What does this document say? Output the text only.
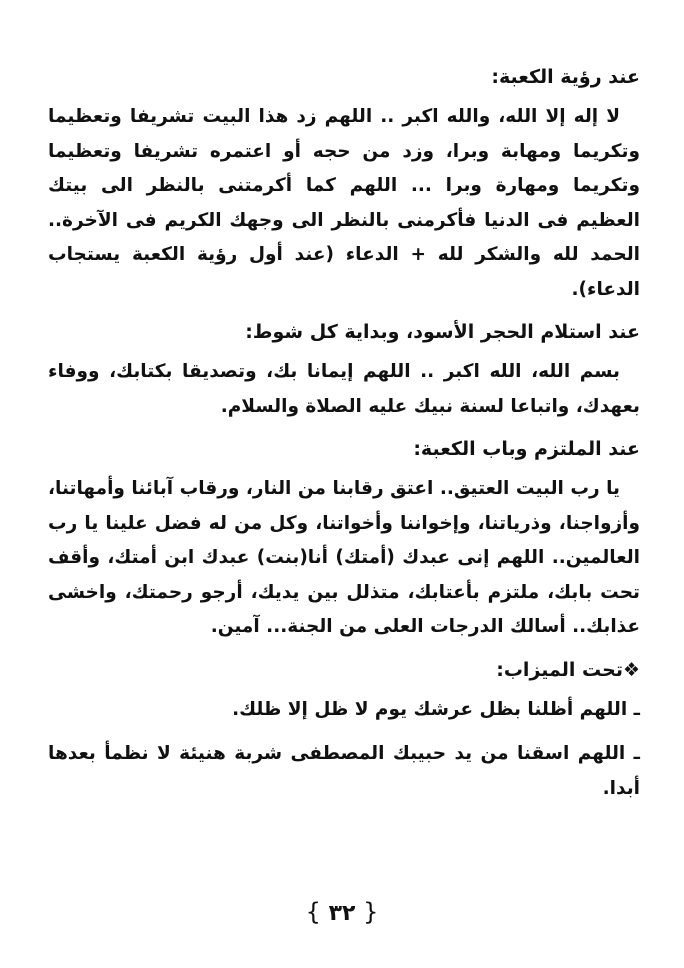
عند رؤية الكعبة:

لا إله إلا الله، والله اكبر .. اللهم زد هذا البيت تشريفا وتعظيما وتكريما ومهابة وبرا، وزد من حجه أو اعتمره تشريفا وتعظيما وتكريما ومهارة وبرا ... اللهم كما أكرمتنى بالنظر الى بيتك العظيم فى الدنيا فأكرمنى بالنظر الى وجهك الكريم فى الآخرة.. الحمد لله والشكر لله + الدعاء (عند أول رؤية الكعبة يستجاب الدعاء).

عند استلام الحجر الأسود، وبداية كل شوط:

بسم الله، الله اكبر .. اللهم إيمانا بك، وتصديقا بكتابك، ووفاء بعهدك، واتباعا لسنة نبيك عليه الصلاة والسلام.

عند الملتزم وباب الكعبة:

يا رب البيت العتيق.. اعتق رقابنا من النار، ورقاب آبائنا وأمهاتنا، وأزواجنا، وذرياتنا، وإخواننا وأخواتنا، وكل من له فضل علينا يا رب العالمين.. اللهم إنى عبدك (أمتك) أنا(بنت) عبدك ابن أمتك، وأقف تحت بابك، ملتزم بأعتابك، متذلل بين يديك، أرجو رحمتك، واخشى عذابك.. أسالك الدرجات العلى من الجنة... آمين.

❖تحت الميزاب:

ـ اللهم أظلنا بظل عرشك يوم لا ظل إلا ظلك.

ـ اللهم اسقنا من يد حبيبك المصطفى شربة هنيئة لا نظمأ بعدها أبدا.

{ ٣٢ }
